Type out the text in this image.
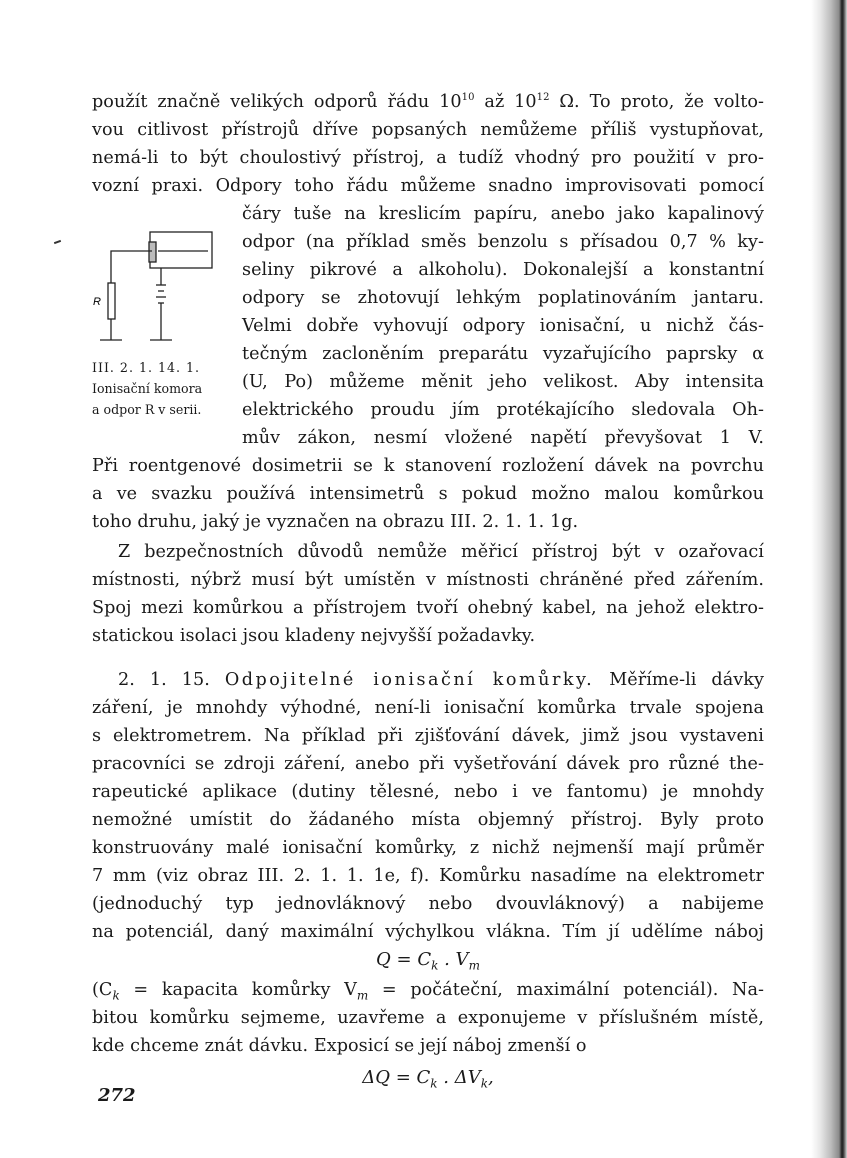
použít značně velikých odporů řádu $10^{10}$ až $10^{12}$ Ω. To proto, že volto-
vou citlivost přístrojů dříve popsaných nemůžeme příliš vystupňovat,
nemá-li to být choulostivý přístroj, a tudíž vhodný pro použití v pro-
vozní praxi. Odpory toho řádu můžeme snadno improvisovati pomocí
čáry tuše na kreslicím papíru, anebo jako kapalinový
odpor (na příklad směs benzolu s přísadou 0,7 % ky-
seliny pikrové a alkoholu). Dokonalejší a konstantní
odpory se zhotovují lehkým poplatinováním jantaru.
Velmi dobře vyhovují odpory ionisační, u nichž čás-
tečným zacloněním preparátu vyzařujícího paprsky α
(U, Po) můžeme měnit jeho velikost. Aby intensita
elektrického proudu jím protékajícího sledovala Oh-
mův zákon, nesmí vložené napětí převyšovat 1 V.
Při roentgenové dosimetrii se k stanovení rozložení dávek na povrchu
a ve svazku používá intensimetrů s pokud možno malou komůrkou
toho druhu, jaký je vyznačen na obrazu III. 2. 1. 1. 1g.
Z bezpečnostních důvodů nemůže měřicí přístroj být v ozařovací
místnosti, nýbrž musí být umístěn v místnosti chráněné před zářením.
Spoj mezi komůrkou a přístrojem tvoří ohebný kabel, na jehož elektro-
statickou isolaci jsou kladeny nejvyšší požadavky.
2. 1. 15. Odpojitelné ionisační komůrky. Měříme-li dávky
záření, je mnohdy výhodné, není-li ionisační komůrka trvale spojena
s elektrometrem. Na příklad při zjišťování dávek, jimž jsou vystaveni
pracovníci se zdroji záření, anebo při vyšetřování dávek pro různé the-
rapeutické aplikace (dutiny tělesné, nebo i ve fantomu) je mnohdy
nemožné umístit do žádaného místa objemný přístroj. Byly proto
konstruovány malé ionisační komůrky, z nichž nejmenší mají průměr
7 mm (viz obraz III. 2. 1. 1. 1e, f). Komůrku nasadíme na elektrometr
(jednoduchý typ jednovláknový nebo dvouvláknový) a nabijeme
na potenciál, daný maximální výchylkou vlákna. Tím jí udělíme náboj
$Q = C_k$ . $V_m$
($C_k$ = kapacita komůrky $V_m$ = počáteční, maximální potenciál). Na-
bitou komůrku sejmeme, uzavřeme a exponujeme v příslušném místě,
kde chceme znát dávku. Exposicí se její náboj zmenší o
$\Delta Q = C_k$ . $\Delta V_k$,
R
III. 2. 1. 14. 1.
Ionisační komora
a odpor R v serii.
272
